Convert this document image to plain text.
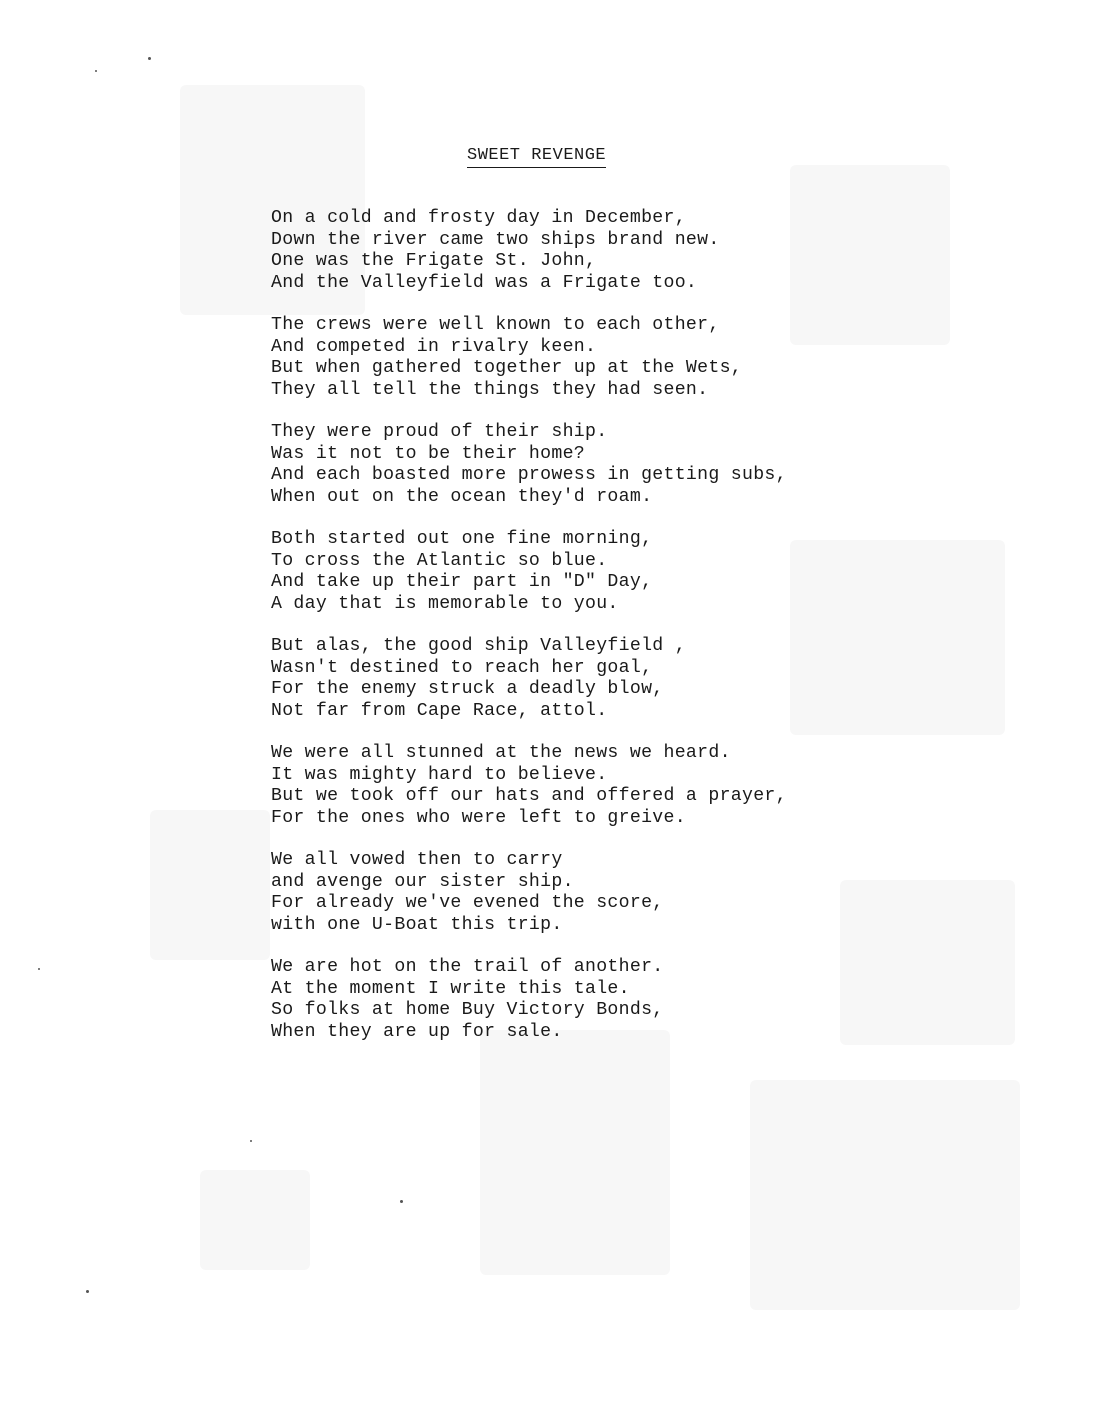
SWEET REVENGE
On a cold and frosty day in December,
Down the river came two ships brand new.
One was the Frigate St. John,
And the Valleyfield was a Frigate too.
The crews were well known to each other,
And competed in rivalry keen.
But when gathered together up at the Wets,
They all tell the things they had seen.
They were proud of their ship.
Was it not to be their home?
And each boasted more prowess in getting subs,
When out on the ocean they'd roam.
Both started out one fine morning,
To cross the Atlantic so blue.
And take up their part in "D" Day,
A day that is memorable to you.
But alas, the good ship Valleyfield ,
Wasn't destined to reach her goal,
For the enemy struck a deadly blow,
Not far from Cape Race, attol.
We were all stunned at the news we heard.
It was mighty hard to believe.
But we took off our hats and offered a prayer,
For the ones who were left to greive.
We all vowed then to carry
and avenge our sister ship.
For already we've evened the score,
with one U-Boat this trip.
We are hot on the trail of another.
At the moment I write this tale.
So folks at home Buy Victory Bonds,
When they are up for sale.
